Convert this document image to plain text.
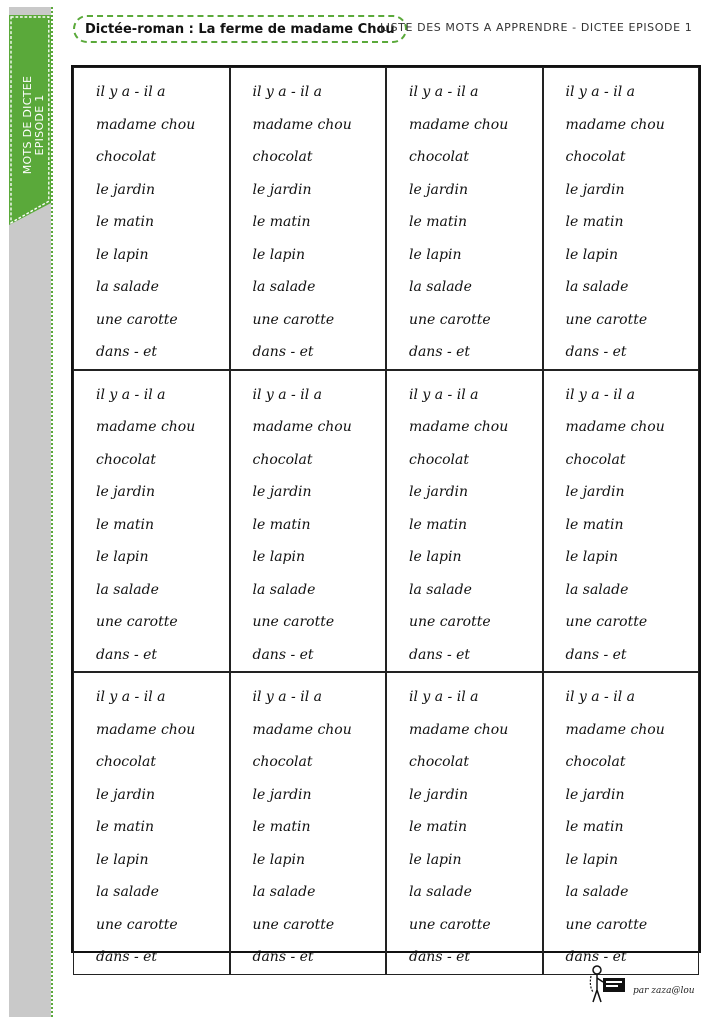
MOTS DE DICTEE EPISODE 1
Dictée-roman : La ferme de madame Chou
LISTE DES MOTS A APPRENDRE - DICTEE EPISODE 1
il y a - il a
madame chou
chocolat
le jardin
le matin
le lapin
la salade
une carotte
dans - et
il y a - il a
madame chou
chocolat
le jardin
le matin
le lapin
la salade
une carotte
dans - et
il y a - il a
madame chou
chocolat
le jardin
le matin
le lapin
la salade
une carotte
dans - et
il y a - il a
madame chou
chocolat
le jardin
le matin
le lapin
la salade
une carotte
dans - et
il y a - il a
madame chou
chocolat
le jardin
le matin
le lapin
la salade
une carotte
dans - et
il y a - il a
madame chou
chocolat
le jardin
le matin
le lapin
la salade
une carotte
dans - et
il y a - il a
madame chou
chocolat
le jardin
le matin
le lapin
la salade
une carotte
dans - et
il y a - il a
madame chou
chocolat
le jardin
le matin
le lapin
la salade
une carotte
dans - et
il y a - il a
madame chou
chocolat
le jardin
le matin
le lapin
la salade
une carotte
dans - et
il y a - il a
madame chou
chocolat
le jardin
le matin
le lapin
la salade
une carotte
dans - et
il y a - il a
madame chou
chocolat
le jardin
le matin
le lapin
la salade
une carotte
dans - et
il y a - il a
madame chou
chocolat
le jardin
le matin
le lapin
la salade
une carotte
dans - et
par zaza@lou
